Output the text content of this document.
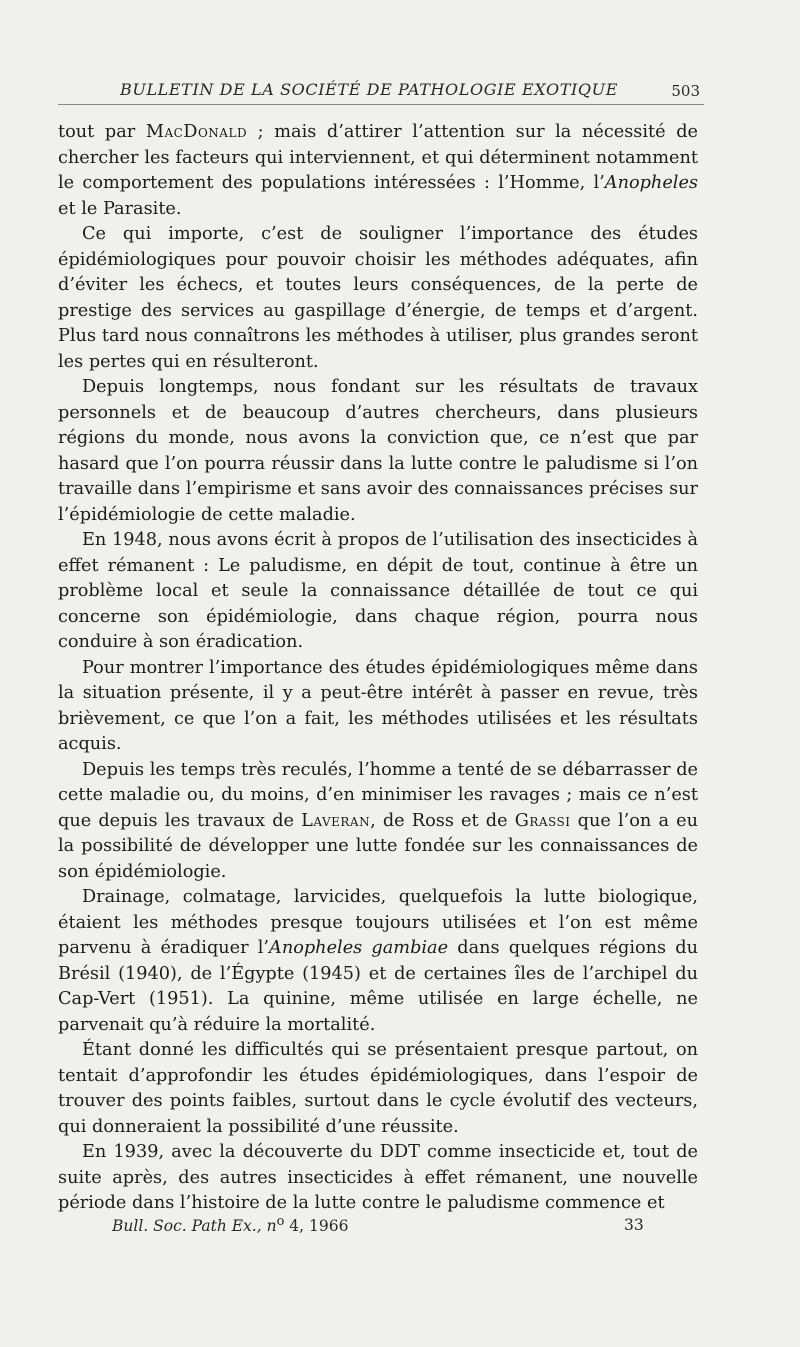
BULLETIN DE LA SOCIÉTÉ DE PATHOLOGIE EXOTIQUE	503

tout par MacDonald ; mais d’attirer l’attention sur la nécessité de chercher les facteurs qui interviennent, et qui déterminent notamment le comportement des populations intéressées : l’Homme, l’Anopheles et le Parasite.

Ce qui importe, c’est de souligner l’importance des études épidémiologiques pour pouvoir choisir les méthodes adéquates, afin d’éviter les échecs, et toutes leurs conséquences, de la perte de prestige des services au gaspillage d’énergie, de temps et d’argent. Plus tard nous connaîtrons les méthodes à utiliser, plus grandes seront les pertes qui en résulteront.

Depuis longtemps, nous fondant sur les résultats de travaux personnels et de beaucoup d’autres chercheurs, dans plusieurs régions du monde, nous avons la conviction que, ce n’est que par hasard que l’on pourra réussir dans la lutte contre le paludisme si l’on travaille dans l’empirisme et sans avoir des connaissances précises sur l’épidémiologie de cette maladie.

En 1948, nous avons écrit à propos de l’utilisation des insecticides à effet rémanent : Le paludisme, en dépit de tout, continue à être un problème local et seule la connaissance détaillée de tout ce qui concerne son épidémiologie, dans chaque région, pourra nous conduire à son éradication.

Pour montrer l’importance des études épidémiologiques même dans la situation présente, il y a peut-être intérêt à passer en revue, très brièvement, ce que l’on a fait, les méthodes utilisées et les résultats acquis.

Depuis les temps très reculés, l’homme a tenté de se débarrasser de cette maladie ou, du moins, d’en minimiser les ravages ; mais ce n’est que depuis les travaux de Laveran, de Ross et de Grassi que l’on a eu la possibilité de développer une lutte fondée sur les connaissances de son épidémiologie.

Drainage, colmatage, larvicides, quelquefois la lutte biologique, étaient les méthodes presque toujours utilisées et l’on est même parvenu à éradiquer l’Anopheles gambiae dans quelques régions du Brésil (1940), de l’Égypte (1945) et de certaines îles de l’archipel du Cap-Vert (1951). La quinine, même utilisée en large échelle, ne parvenait qu’à réduire la mortalité.

Étant donné les difficultés qui se présentaient presque partout, on tentait d’approfondir les études épidémiologiques, dans l’espoir de trouver des points faibles, surtout dans le cycle évolutif des vecteurs, qui donneraient la possibilité d’une réussite.

En 1939, avec la découverte du DDT comme insecticide et, tout de suite après, des autres insecticides à effet rémanent, une nouvelle période dans l’histoire de la lutte contre le paludisme commence et

Bull. Soc. Path Ex., $n^o$ 4, 1966	33
